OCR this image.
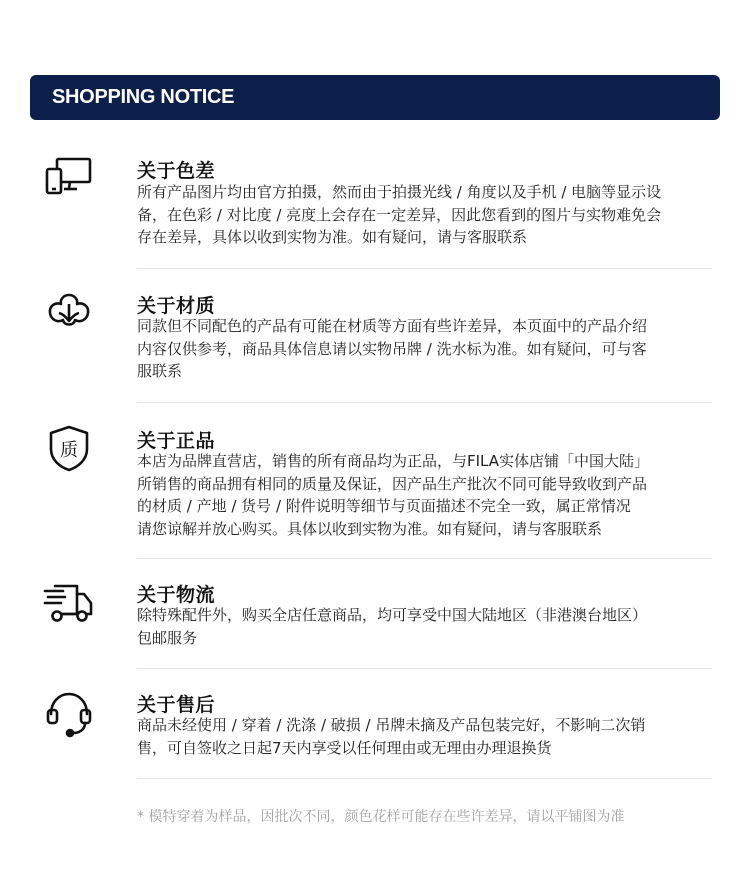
SHOPPING NOTICE
关于色差
所有产品图片均由官方拍摄，然而由于拍摄光线 / 角度以及手机 / 电脑等显示设
备，在色彩 / 对比度 / 亮度上会存在一定差异，因此您看到的图片与实物难免会
存在差异，具体以收到实物为准。如有疑问，请与客服联系
关于材质
同款但不同配色的产品有可能在材质等方面有些许差异，本页面中的产品介绍
内容仅供参考，商品具体信息请以实物吊牌 / 洗水标为准。如有疑问，可与客
服联系
质	关于正品
本店为品牌直营店，销售的所有商品均为正品，与FILA实体店铺「中国大陆」
所销售的商品拥有相同的质量及保证，因产品生产批次不同可能导致收到产品
的材质 / 产地 / 货号 / 附件说明等细节与页面描述不完全一致，属正常情况
请您谅解并放心购买。具体以收到实物为准。如有疑问，请与客服联系
关于物流
除特殊配件外，购买全店任意商品，均可享受中国大陆地区（非港澳台地区）
包邮服务
关于售后
商品未经使用 / 穿着 / 洗涤 / 破损 / 吊牌未摘及产品包装完好，不影响二次销
售，可自签收之日起7天内享受以任何理由或无理由办理退换货
* 模特穿着为样品，因批次不同，颜色花样可能存在些许差异，请以平铺图为准
